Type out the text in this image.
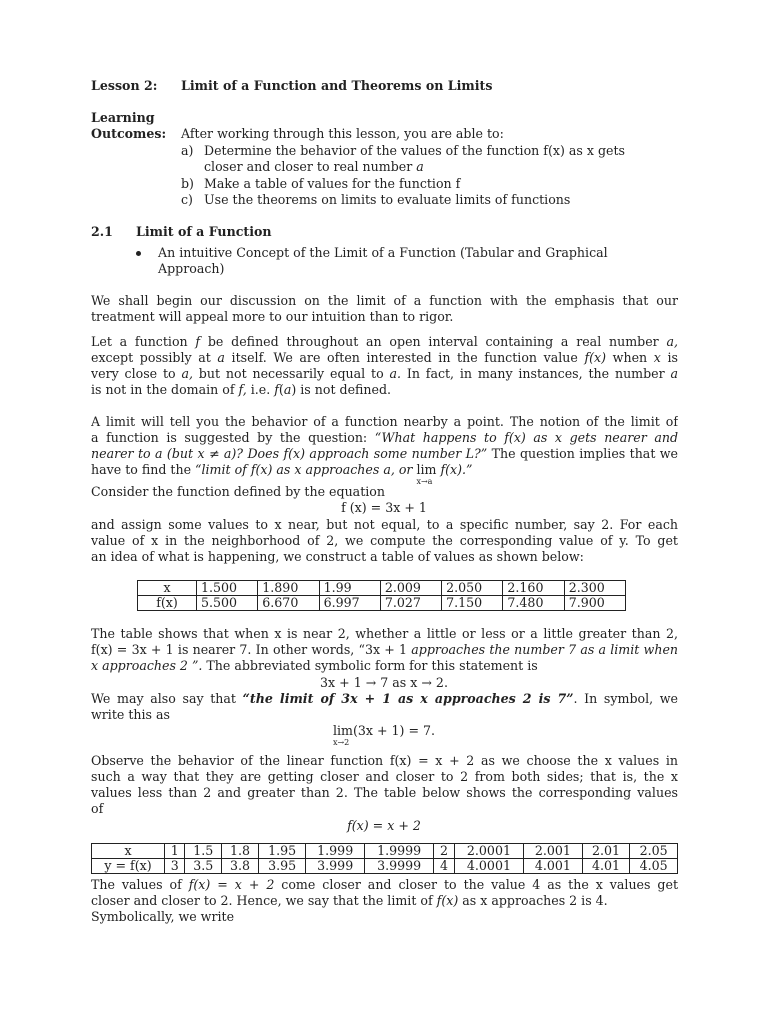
Lesson 2: Limit of a Function and Theorems on Limits
Learning
Outcomes: After working through this lesson, you are able to:
a) Determine the behavior of the values of the function f(x) as x gets
closer and closer to real number a
b) Make a table of values for the function f
c) Use the theorems on limits to evaluate limits of functions
2.1 Limit of a Function
An intuitive Concept of the Limit of a Function (Tabular and Graphical
Approach)
We shall begin our discussion on the limit of a function with the emphasis that our
treatment will appeal more to our intuition than to rigor.
Let a function f be defined throughout an open interval containing a real number a,
except possibly at a itself. We are often interested in the function value f(x) when x is
very close to a, but not necessarily equal to a. In fact, in many instances, the number a
is not in the domain of f, i.e. f(a) is not defined.
A limit will tell you the behavior of a function nearby a point. The notion of the limit of
a function is suggested by the question: “What happens to f(x) as x gets nearer and
nearer to a (but x ≠ a)? Does f(x) approach some number L?” The question implies that we
have to find the “limit of f(x) as x approaches a, or lim
x→a
f(x).”
Consider the function defined by the equation
f (x) = 3x + 1
and assign some values to x near, but not equal, to a specific number, say 2. For each
value of x in the neighborhood of 2, we compute the corresponding value of y. To get
an idea of what is happening, we construct a table of values as shown below:
x	1.500	1.890	1.99	2.009	2.050	2.160	2.300
f(x)	5.500	6.670	6.997	7.027	7.150	7.480	7.900
The table shows that when x is near 2, whether a little or less or a little greater than 2,
f(x) = 3x + 1 is nearer 7. In other words, “3x + 1 approaches the number 7 as a limit when
x approaches 2 ”. The abbreviated symbolic form for this statement is
3x + 1 → 7 as x → 2.
We may also say that “the limit of 3x + 1 as x approaches 2 is 7”. In symbol, we
write this as
lim
x→2
(3x + 1) = 7.
Observe the behavior of the linear function f(x) = x + 2 as we choose the x values in
such a way that they are getting closer and closer to 2 from both sides; that is, the x
values less than 2 and greater than 2. The table below shows the corresponding values
of
f(x) = x + 2
x	1	1.5	1.8	1.95	1.999	1.9999	2	2.0001	2.001	2.01	2.05
y = f(x)	3	3.5	3.8	3.95	3.999	3.9999	4	4.0001	4.001	4.01	4.05
The values of f(x) = x + 2 come closer and closer to the value 4 as the x values get
closer and closer to 2. Hence, we say that the limit of f(x) as x approaches 2 is 4.
Symbolically, we write
